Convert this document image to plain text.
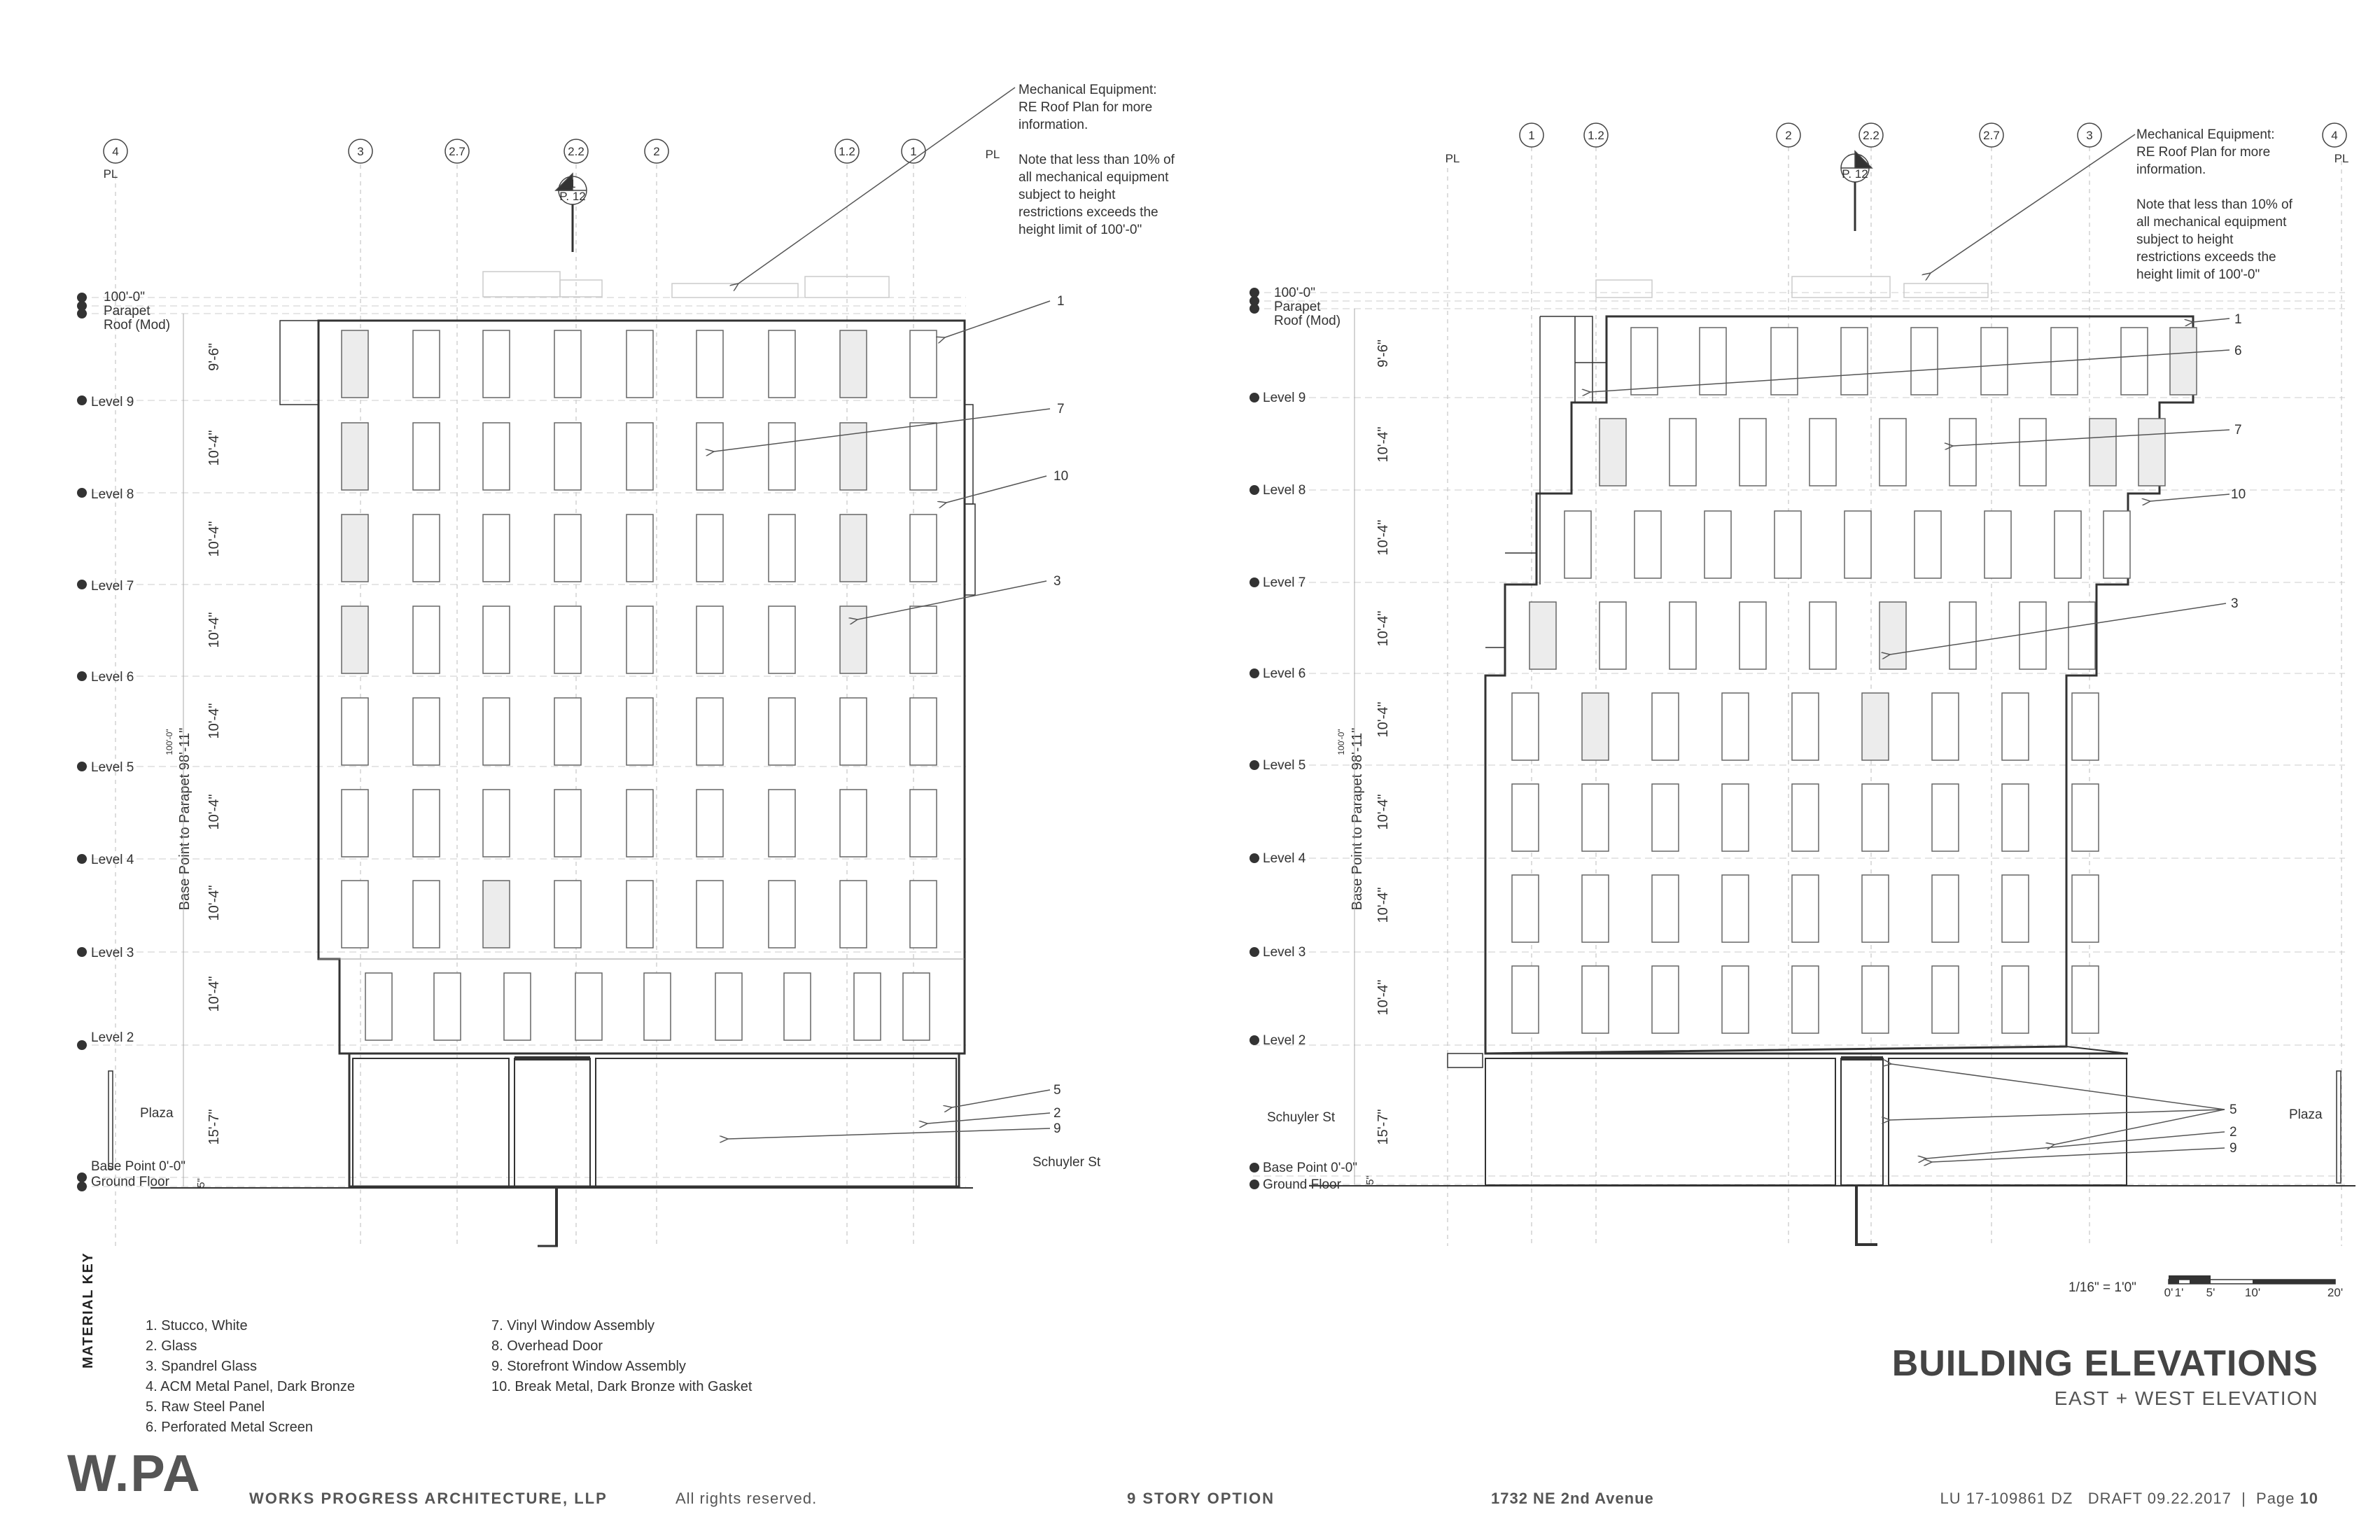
4	3	2.7	2.2	2	1.2	1
PL
PL
1
P. 12
100'-0"
Parapet
Roof (Mod)
Level 9
Level 8
Level 7
Level 6
Level 5
Level 4
Level 3
Level 2
Base Point 0'-0"
Ground Floor
9'-6"
10'-4"
10'-4"
10'-4"
10'-4"
10'-4"
10'-4"
10'-4"
15'-7"
5"
Base Point to Parapet 98'-11"
100'-0"
1
7
10
3
5
2
9
Plaza
Schuyler St
Mechanical Equipment:
RE Roof Plan for more
information.
Note that less than 10% of
all mechanical equipment
subject to height
restrictions exceeds the
height limit of 100'-0"
1	1.2	2	2.2	2.7	3	4
PL	PL
P. 12
100'-0"
Parapet
Roof (Mod)
Level 9
Level 8
Level 7
Level 6
Level 5
Level 4
Level 3
Level 2
Base Point 0'-0"
Ground Floor
9'-6"
10'-4"
10'-4"
10'-4"
10'-4"
10'-4"
10'-4"
10'-4"
15'-7"
5"
Base Point to Parapet 98'-11"
100'-0"
1
6
7
10
3
5
2
9
Plaza
Schuyler St
Mechanical Equipment:
RE Roof Plan for more
information.
Note that less than 10% of
all mechanical equipment
subject to height
restrictions exceeds the
height limit of 100'-0"
0' 1' 5'	10'	20'
1/16" = 1'0"
MATERIAL KEY	1. Stucco, White
2. Glass
3. Spandrel Glass
4. ACM Metal Panel, Dark Bronze
5. Raw Steel Panel
6. Perforated Metal Screen
7. Vinyl Window Assembly
8. Overhead Door
9. Storefront Window Assembly
10. Break Metal, Dark Bronze with Gasket
BUILDING ELEVATIONS
EAST + WEST ELEVATION
W.PA	WORKS PROGRESS ARCHITECTURE, LLP	All rights reserved.	9 STORY OPTION	1732 NE 2nd Avenue	LU 17-109861 DZ   DRAFT 09.22.2017  |  Page 10
